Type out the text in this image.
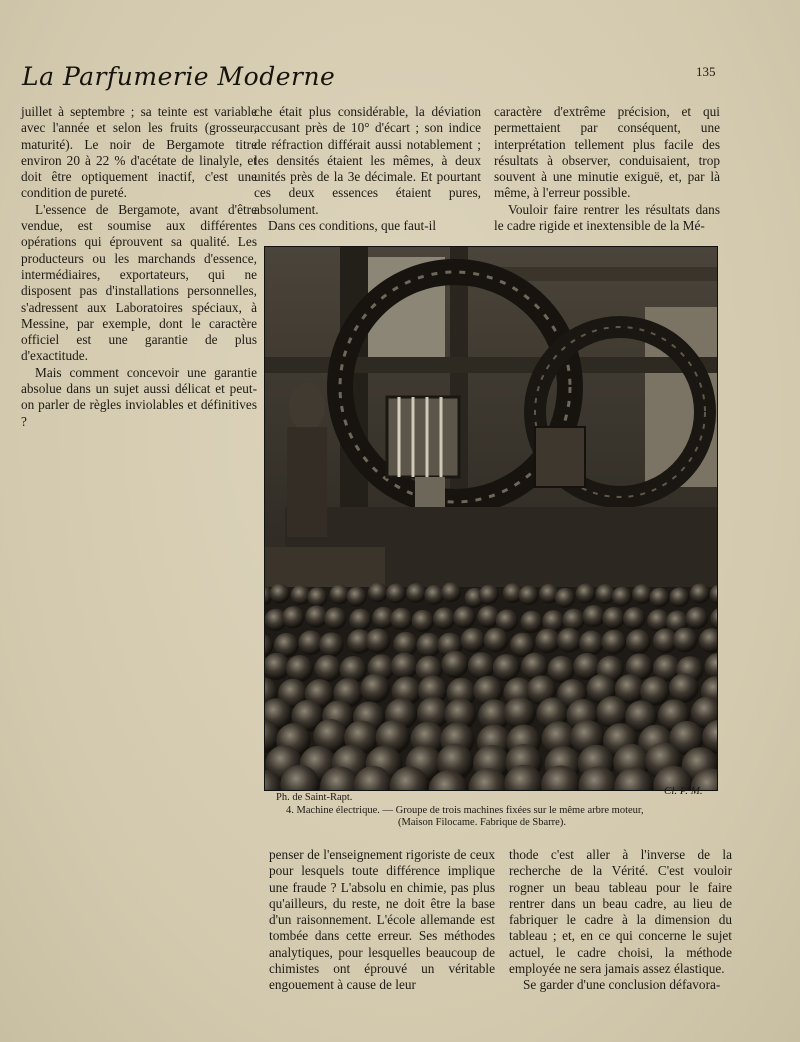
La Parfumerie Moderne	135

juillet à septembre ; sa teinte est variable avec l'année et selon les fruits (grosseur, maturité). Le noir de Bergamote titre environ 20 à 22 % d'acétate de linalyle, et doit être optiquement inactif, c'est une condition de pureté.

L'essence de Bergamote, avant d'être vendue, est soumise aux différentes opérations qui éprouvent sa qualité. Les producteurs ou les marchands d'essence, intermédiaires, exportateurs, qui ne disposent pas d'installations personnelles, s'adressent aux Laboratoires spéciaux, à Messine, par exemple, dont le caractère officiel est une garantie de plus d'exactitude.

Mais comment concevoir une garantie absolue dans un sujet aussi délicat et peut-on parler de règles inviolables et définitives ?

che était plus considérable, la déviation accusant près de 10° d'écart ; son indice de réfraction différait aussi notablement ; les densités étaient les mêmes, à deux unités près de la 3e décimale. Et pourtant ces deux essences étaient pures, absolument.

Dans ces conditions, que faut-il

caractère d'extrême précision, et qui permettaient par conséquent, une interprétation tellement plus facile des résultats à observer, conduisaient, trop souvent à une minutie exiguë, et, par là même, à l'erreur possible.

Vouloir faire rentrer les résultats dans le cadre rigide et inextensible de la Mé-

Ph. de Saint-Rapt.
Cl. P. M.
4. Machine électrique. — Groupe de trois machines fixées sur le même arbre moteur,
(Maison Filocame. Fabrique de Sbarre).

penser de l'enseignement rigoriste de ceux pour lesquels toute différence implique une fraude ? L'absolu en chimie, pas plus qu'ailleurs, du reste, ne doit être la base d'un raisonnement. L'école allemande est tombée dans cette erreur. Ses méthodes analytiques, pour lesquelles beaucoup de chimistes ont éprouvé un véritable engouement à cause de leur

thode c'est aller à l'inverse de la recherche de la Vérité. C'est vouloir rogner un beau tableau pour le faire rentrer dans un beau cadre, au lieu de fabriquer le cadre à la dimension du tableau ; et, en ce qui concerne le sujet actuel, le cadre choisi, la méthode employée ne sera jamais assez élastique.

Se garder d'une conclusion défavora-
